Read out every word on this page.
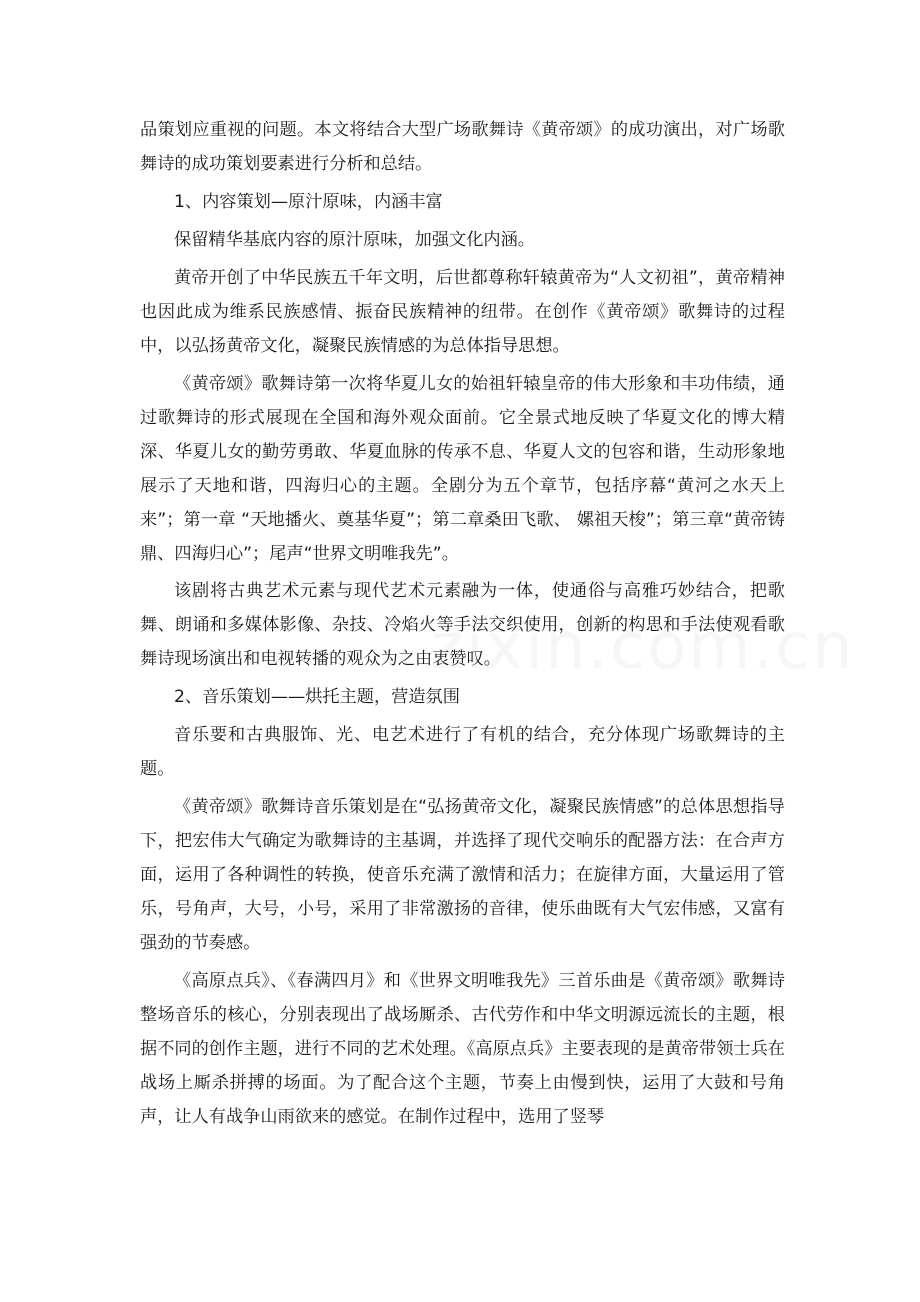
品策划应重视的问题。本文将结合大型广场歌舞诗《黄帝颂》的成功演出，对广场歌舞诗的成功策划要素进行分析和总结。

1、内容策划—原汁原味，内涵丰富

保留精华基底内容的原汁原味，加强文化内涵。

黄帝开创了中华民族五千年文明，后世都尊称轩辕黄帝为“人文初祖”，黄帝精神也因此成为维系民族感情、振奋民族精神的纽带。在创作《黄帝颂》歌舞诗的过程中，以弘扬黄帝文化，凝聚民族情感的为总体指导思想。

《黄帝颂》歌舞诗第一次将华夏儿女的始祖轩辕皇帝的伟大形象和丰功伟绩，通过歌舞诗的形式展现在全国和海外观众面前。它全景式地反映了华夏文化的博大精深、华夏儿女的勤劳勇敢、华夏血脉的传承不息、华夏人文的包容和谐，生动形象地展示了天地和谐，四海归心的主题。全剧分为五个章节，包括序幕“黄河之水天上来”；第一章 “天地播火、奠基华夏”；第二章桑田飞歌、 嫘祖天梭”；第三章“黄帝铸鼎、四海归心”；尾声“世界文明唯我先”。

该剧将古典艺术元素与现代艺术元素融为一体，使通俗与高雅巧妙结合，把歌舞、朗诵和多媒体影像、杂技、冷焰火等手法交织使用，创新的构思和手法使观看歌舞诗现场演出和电视转播的观众为之由衷赞叹。

2、音乐策划——烘托主题，营造氛围

音乐要和古典服饰、光、电艺术进行了有机的结合，充分体现广场歌舞诗的主题。

《黄帝颂》歌舞诗音乐策划是在“弘扬黄帝文化，凝聚民族情感”的总体思想指导下，把宏伟大气确定为歌舞诗的主基调，并选择了现代交响乐的配器方法：在合声方面，运用了各种调性的转换，使音乐充满了激情和活力；在旋律方面，大量运用了管乐，号角声，大号，小号，采用了非常激扬的音律，使乐曲既有大气宏伟感，又富有强劲的节奏感。

《高原点兵》、《春满四月》和《世界文明唯我先》三首乐曲是《黄帝颂》歌舞诗整场音乐的核心，分别表现出了战场厮杀、古代劳作和中华文明源远流长的主题，根据不同的创作主题，进行不同的艺术处理。《高原点兵》主要表现的是黄帝带领士兵在战场上厮杀拼搏的场面。为了配合这个主题，节奏上由慢到快，运用了大鼓和号角声，让人有战争山雨欲来的感觉。在制作过程中，选用了竖琴
